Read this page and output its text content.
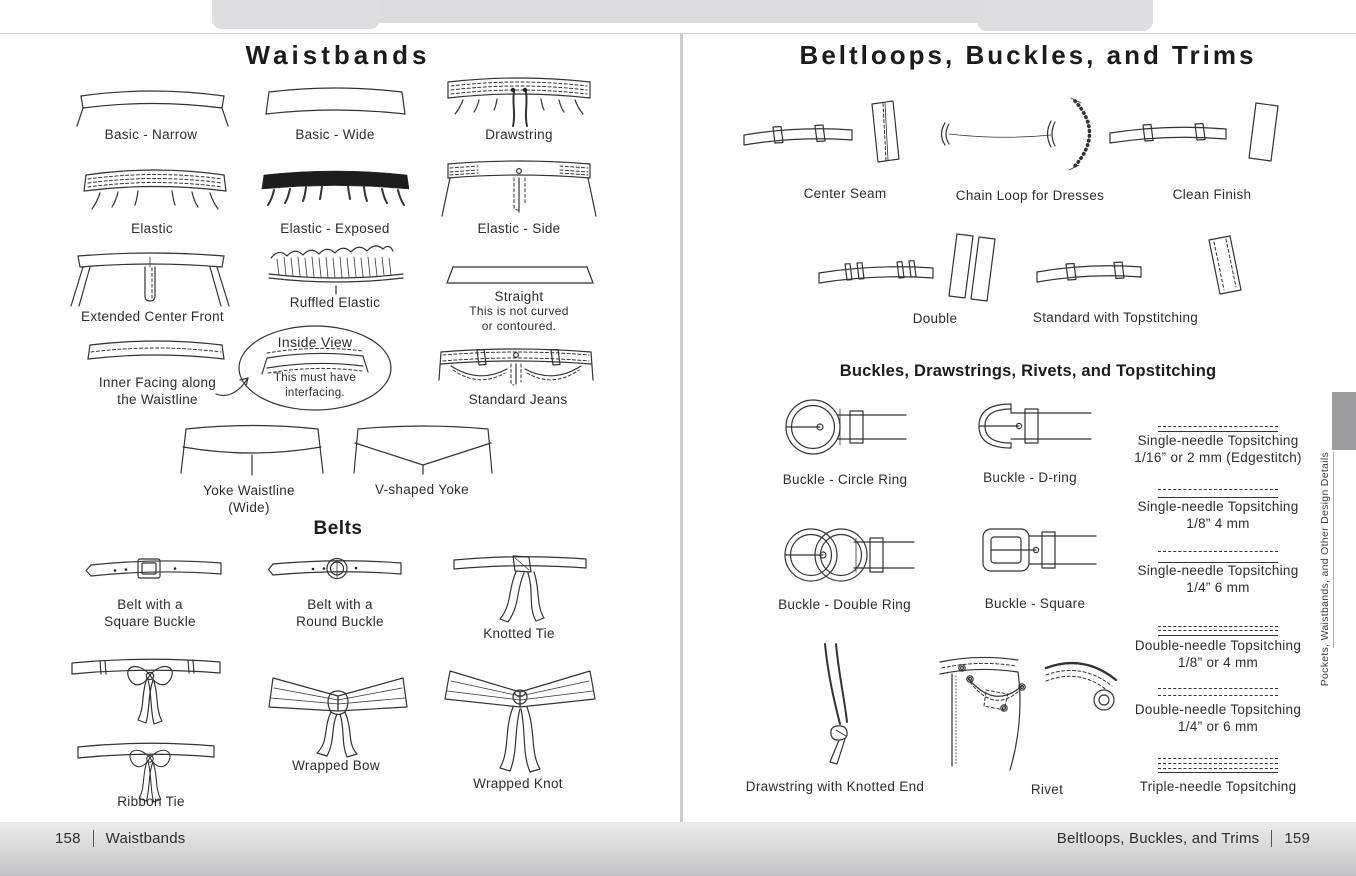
Waistbands
Basic - Narrow	Basic - Wide	Drawstring
Elastic	Elastic - Exposed	Elastic - Side
Extended Center Front
Ruffled Elastic	Straight
This is not curved
or contoured.
Inner Facing along
the Waistline
Inside View
This must have
interfacing.	Standard Jeans
Yoke Waistline
(Wide)
V-shaped Yoke
Belts
Belt with a
Square Buckle
Belt with a
Round Buckle
Knotted Tie
Ribbon Tie
Wrapped Bow
Wrapped Knot
Beltloops, Buckles, and Trims
Center Seam	Chain Loop for Dresses	Clean Finish
Double	Standard with Topstitching
Buckles, Drawstrings, Rivets, and Topstitching
Buckle - Circle Ring	Buckle - D-ring
Buckle - Double Ring	Buckle - Square
Drawstring with Knotted End	Rivet
Single-needle Topsitching
1/16” or 2 mm (Edgestitch)
Single-needle Topsitching
1/8” 4 mm
Single-needle Topsitching
1/4” 6 mm
Double-needle Topsitching
1/8” or 4 mm
Double-needle Topsitching
1/4” or 6 mm
Triple-needle Topsitching
Pockets, Waistbands, and Other Design Details
158 Waistbands	Beltloops, Buckles, and Trims 159
